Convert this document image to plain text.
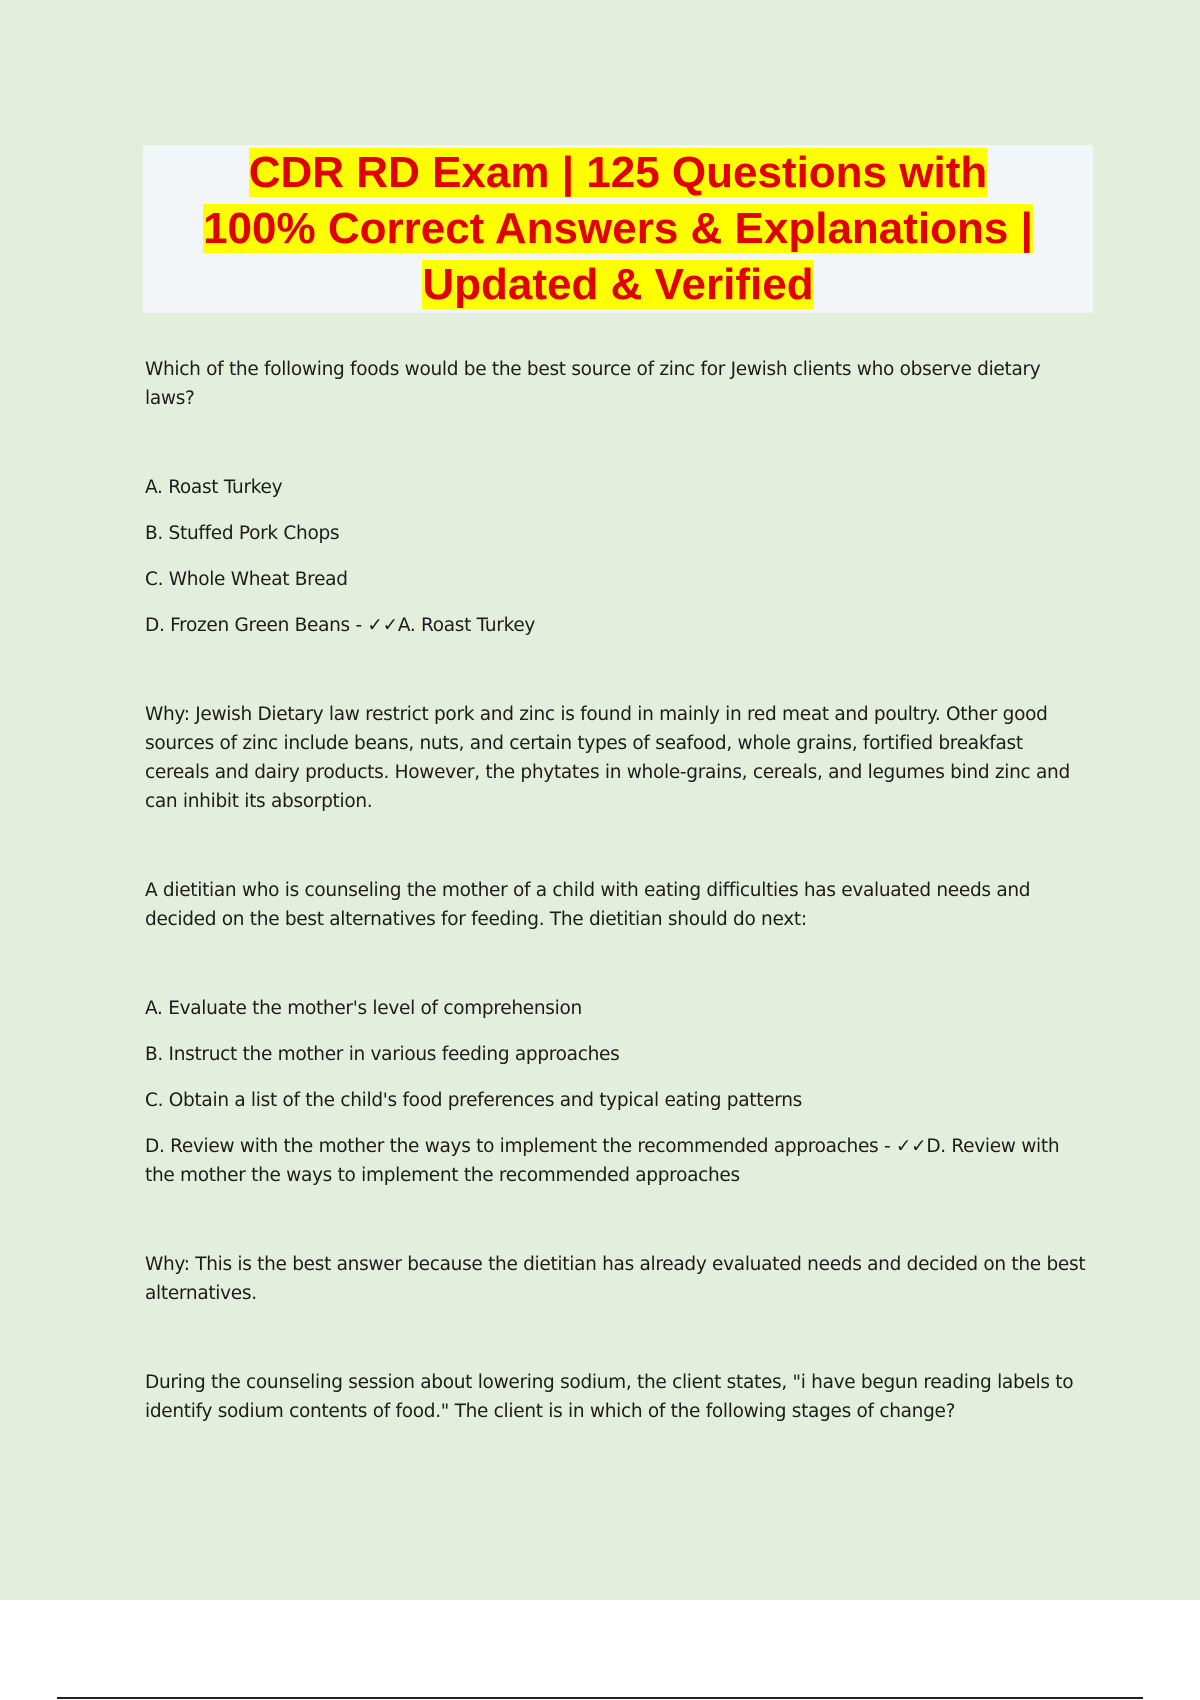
CDR RD Exam | 125 Questions with
100% Correct Answers & Explanations |
Updated & Verified

Which of the following foods would be the best source of zinc for Jewish clients who observe dietary laws?

A. Roast Turkey

B. Stuffed Pork Chops

C. Whole Wheat Bread

D. Frozen Green Beans - ✓✓A. Roast Turkey

Why: Jewish Dietary law restrict pork and zinc is found in mainly in red meat and poultry. Other good sources of zinc include beans, nuts, and certain types of seafood, whole grains, fortified breakfast cereals and dairy products. However, the phytates in whole-grains, cereals, and legumes bind zinc and can inhibit its absorption.

A dietitian who is counseling the mother of a child with eating difficulties has evaluated needs and decided on the best alternatives for feeding. The dietitian should do next:

A. Evaluate the mother's level of comprehension

B. Instruct the mother in various feeding approaches

C. Obtain a list of the child's food preferences and typical eating patterns

D. Review with the mother the ways to implement the recommended approaches - ✓✓D. Review with the mother the ways to implement the recommended approaches

Why: This is the best answer because the dietitian has already evaluated needs and decided on the best alternatives.

During the counseling session about lowering sodium, the client states, "i have begun reading labels to identify sodium contents of food." The client is in which of the following stages of change?
